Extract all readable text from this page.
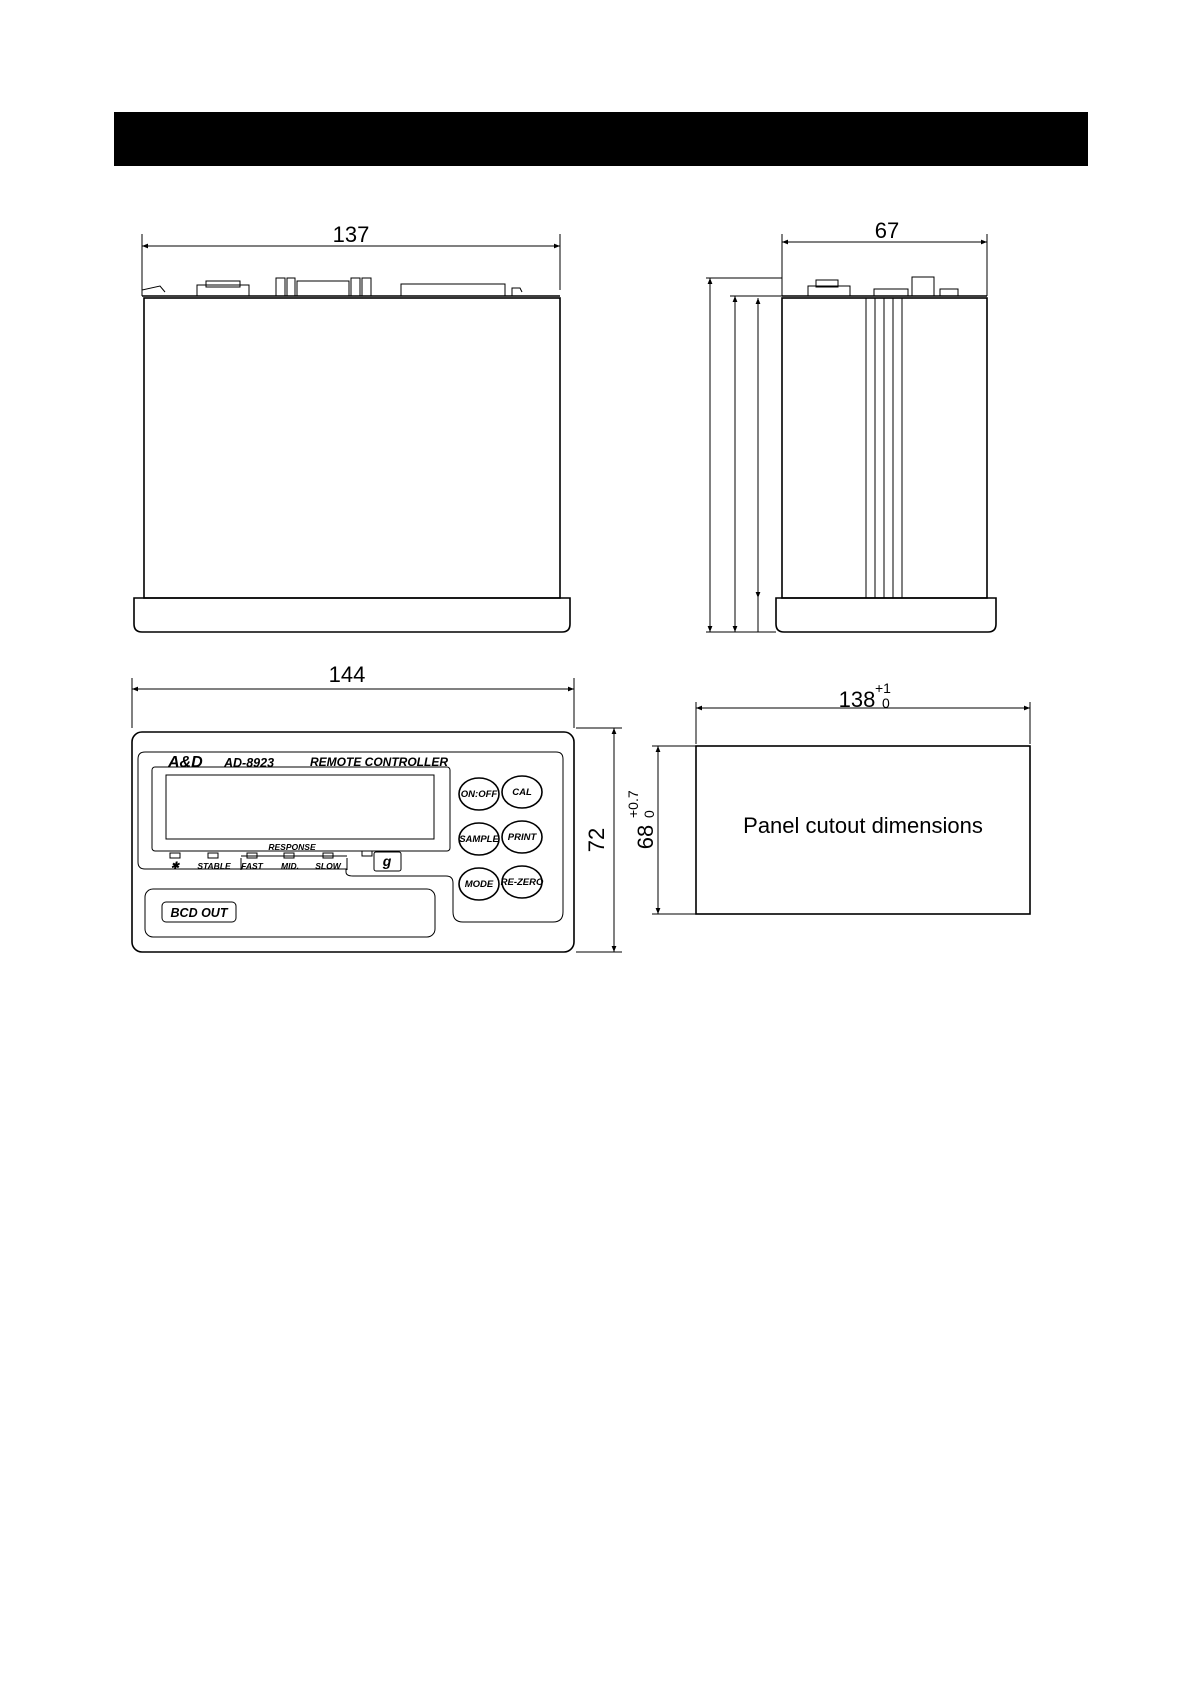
137	67
144
72
A&D AD-8923	REMOTE CONTROLLER
RESPONSE
✱ STABLE FAST MID. SLOW	g
BCD OUT
ON:OFF CAL
SAMPLE PRINT
MODE RE-ZERO
138 +1
0
68
+0.7 0	Panel cutout dimensions
